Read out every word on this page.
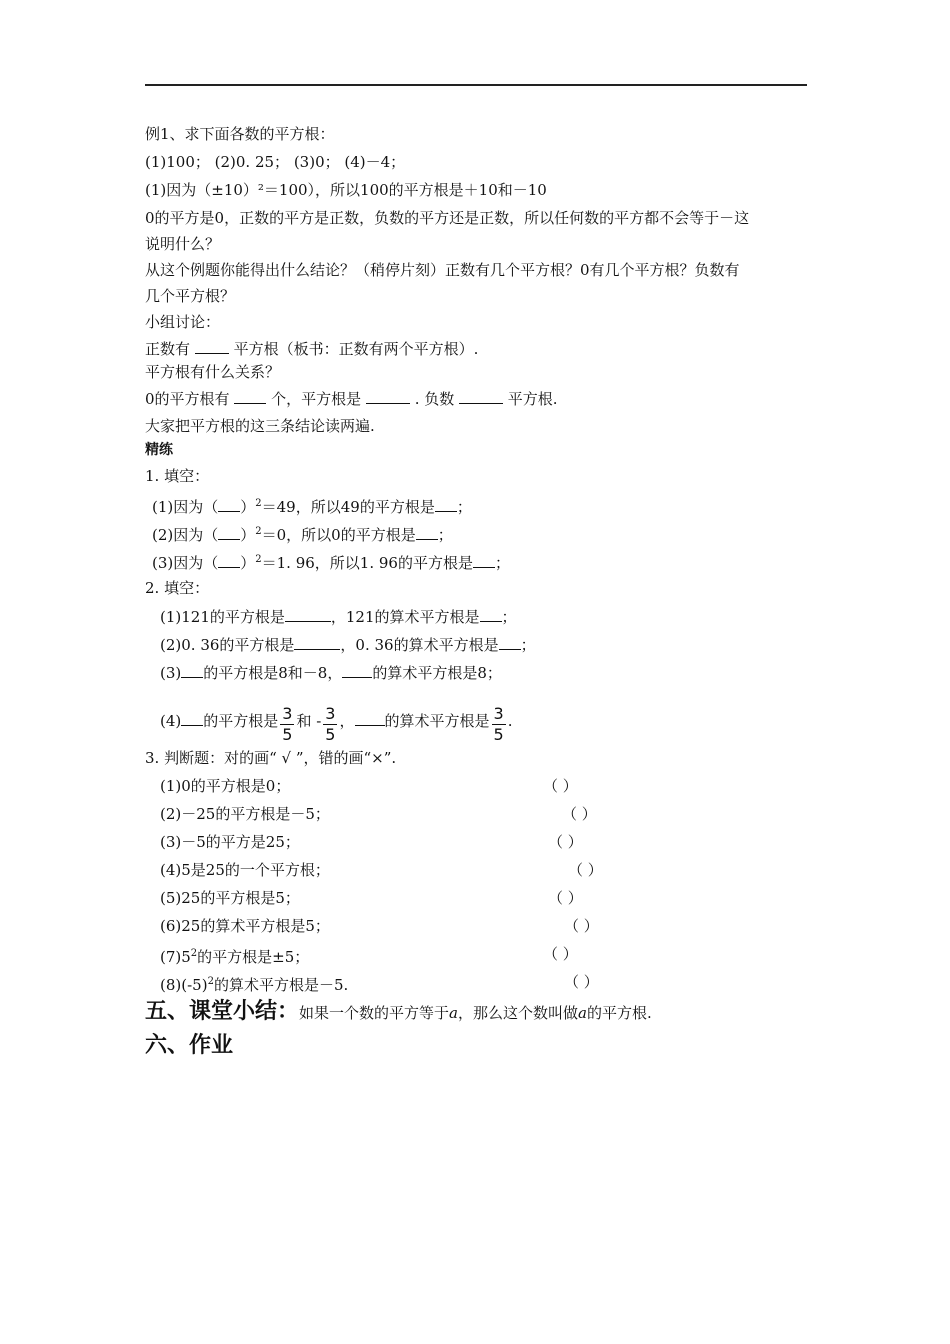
例1、求下面各数的平方根：
(1)100； (2)0. 25； (3)0； (4)－4；
(1)因为（±10）²＝100），所以100的平方根是＋10和－10
0的平方是0，正数的平方是正数，负数的平方还是正数，所以任何数的平方都不会等于－这
说明什么？
从这个例题你能得出什么结论？（稍停片刻）正数有几个平方根？0有几个平方根？负数有
几个平方根？
小组讨论：
正数有	平方根（板书：正数有两个平方根）.
平方根有什么关系？
0的平方根有	个，平方根是	. 负数	平方根.
大家把平方根的这三条结论读两遍.
精练
1. 填空：
(1)因为（ ）$^2$＝49，所以49的平方根是 ；
(2)因为（ ）$^2$＝0，所以0的平方根是 ；
(3)因为（ ）$^2$＝1. 96，所以1. 96的平方根是 ；
2. 填空：
(1)121的平方根是	，121的算术平方根是 ；
(2)0. 36的平方根是	，0. 36的算术平方根是 ；
(3) 的平方根是8和－8， 的算术平方根是8；
(4) 的平方根是 $\frac{3}{5}$ 和 - $\frac{3}{5}$ ， 的算术平方根是 $\frac{3}{5}$ .
3. 判断题：对的画“ √ ”，错的画“×”.
(1)0的平方根是0；	（ ）
(2)－25的平方根是－5；	（ ）
(3)－5的平方是25；	（ ）
(4)5是25的一个平方根；	（ ）
(5)25的平方根是5；	（ ）
(6)25的算术平方根是5；	（ ）
$(7)5^2$的平方根是±5；	（ ）
$(8)(-5)^2$的算术平方根是－5.	（ ）
五、课堂小结：如果一个数的平方等于a，那么这个数叫做a的平方根.
六、作业
